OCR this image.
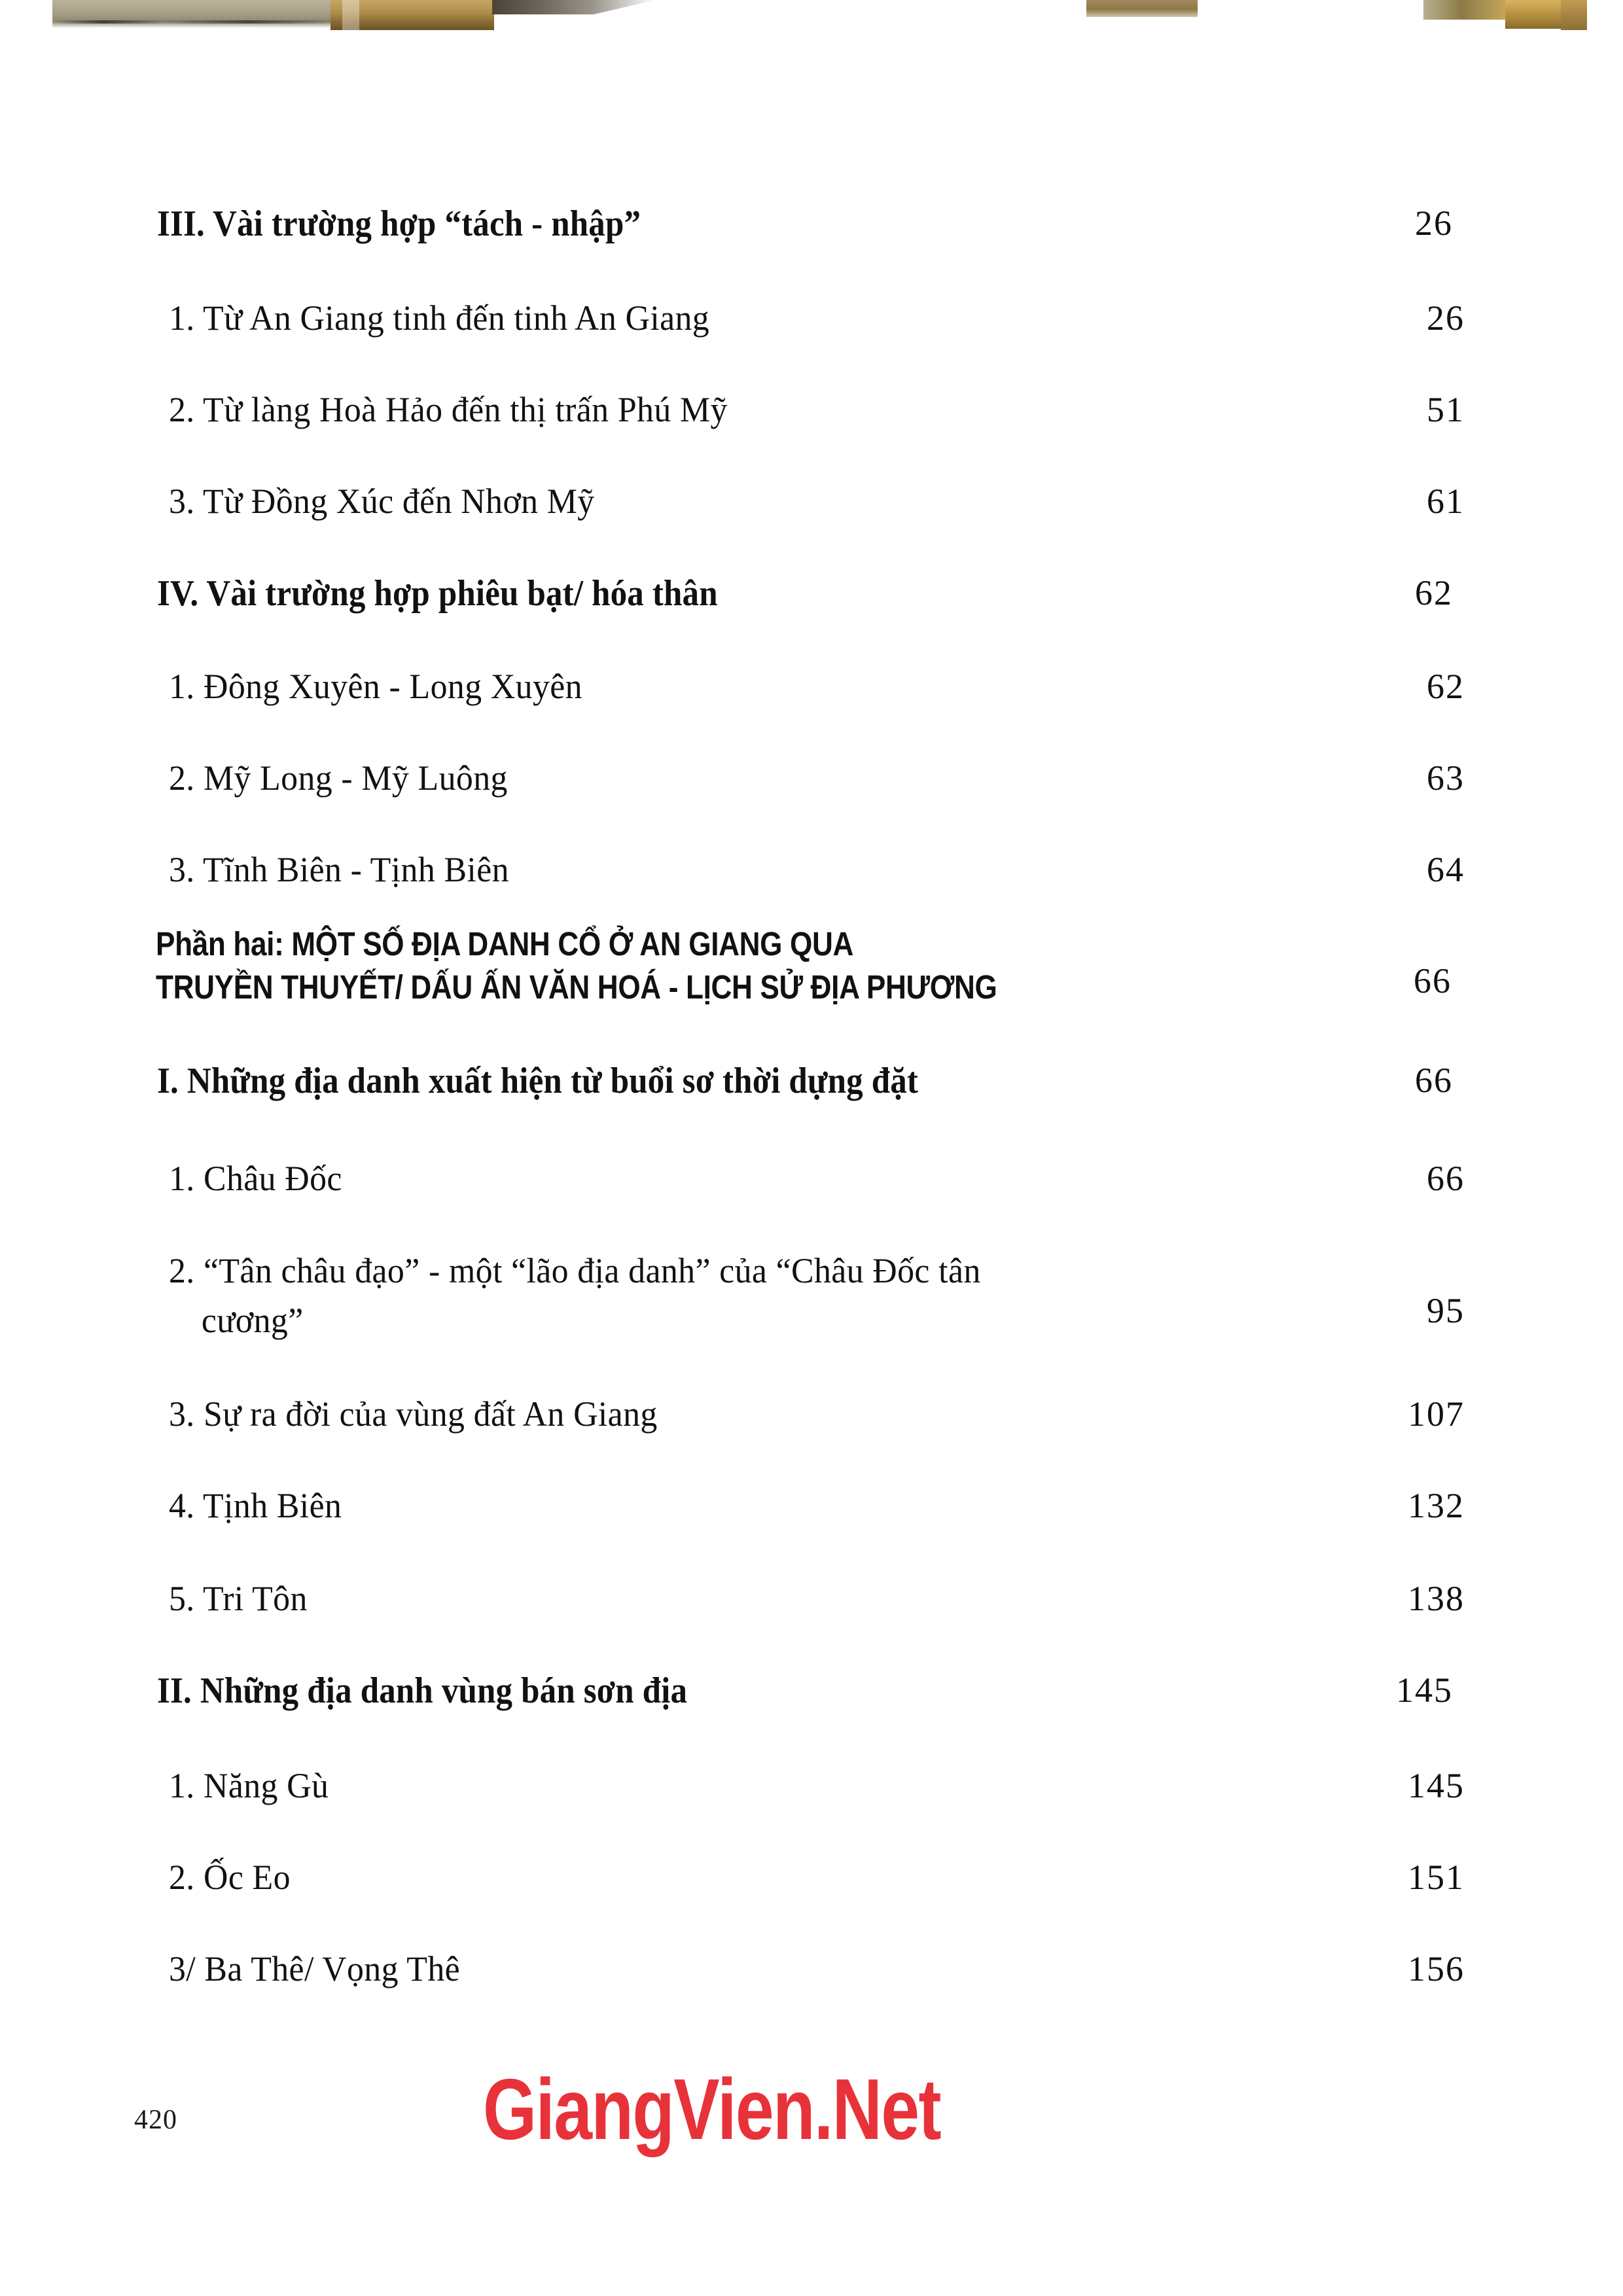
III. Vài trường hợp “tách - nhập”	26
1. Từ An Giang tinh đến tinh An Giang	26
2. Từ làng Hoà Hảo đến thị trấn Phú Mỹ	51
3. Từ Đồng Xúc đến Nhơn Mỹ	61
IV. Vài trường hợp phiêu bạt/ hóa thân	62
1. Đông Xuyên - Long Xuyên	62
2. Mỹ Long - Mỹ Luông	63
3. Tĩnh Biên - Tịnh Biên	64
Phần hai: MỘT SỐ ĐỊA DANH CỔ Ở AN GIANG QUA
TRUYỀN THUYẾT/ DẤU ẤN VĂN HOÁ - LỊCH SỬ ĐỊA PHƯƠNG	66
I. Những địa danh xuất hiện từ buổi sơ thời dựng đặt	66
1. Châu Đốc	66
2. “Tân châu đạo” - một “lão địa danh” của “Châu Đốc tân
cương”	95
3. Sự ra đời của vùng đất An Giang	107
4. Tịnh Biên	132
5. Tri Tôn	138
II. Những địa danh vùng bán sơn địa	145
1. Năng Gù	145
2. Ốc Eo	151
3/ Ba Thê/ Vọng Thê	156
420	GiangVien.Net
